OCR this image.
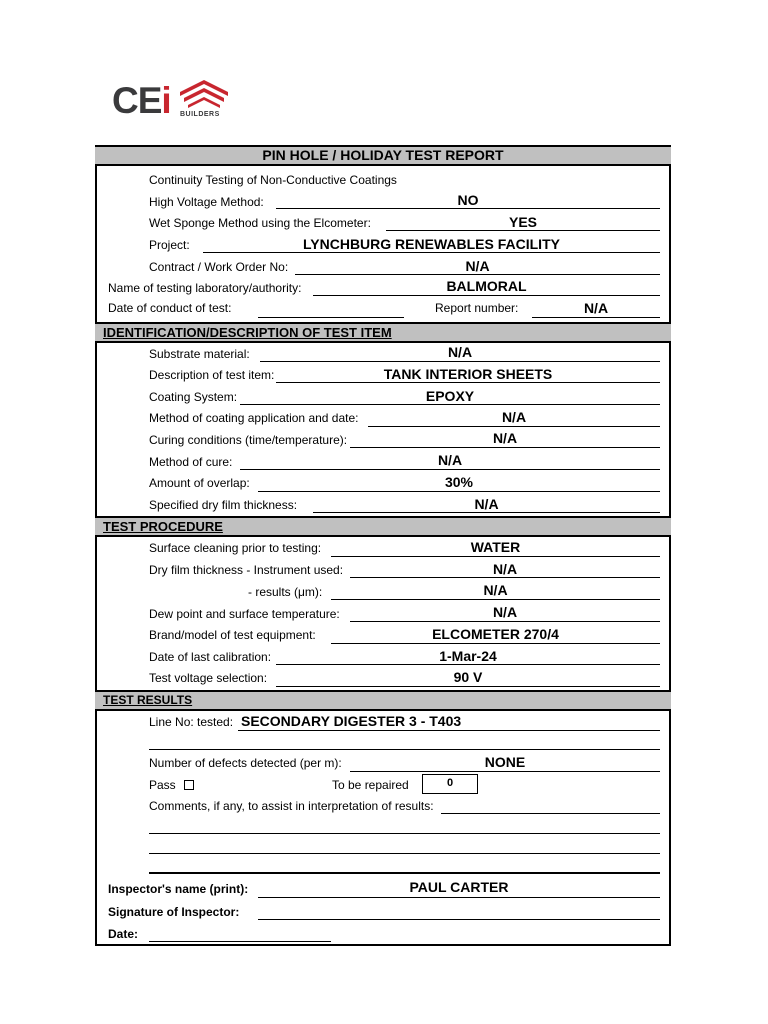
CEi BUILDERS
PIN HOLE / HOLIDAY TEST REPORT
Continuity Testing of Non-Conductive Coatings
High Voltage Method:	NO
Wet Sponge Method using the Elcometer:	YES
Project:	LYNCHBURG RENEWABLES FACILITY
Contract / Work Order No:	N/A
Name of testing laboratory/authority:	BALMORAL
Date of conduct of test:	Report number:	N/A
IDENTIFICATION/DESCRIPTION OF TEST ITEM
Substrate material:	N/A
Description of test item:	TANK INTERIOR SHEETS
Coating System:	EPOXY
Method of coating application and date:	N/A
Curing conditions (time/temperature):	N/A
Method of cure:	N/A
Amount of overlap:	30%
Specified dry film thickness:	N/A
TEST PROCEDURE
Surface cleaning prior to testing:	WATER
Dry film thickness - Instrument used:	N/A
- results (μm):	N/A
Dew point and surface temperature:	N/A
Brand/model of test equipment:	ELCOMETER 270/4
Date of last calibration:	1-Mar-24
Test voltage selection:	90 V
TEST RESULTS
Line No: tested: SECONDARY DIGESTER 3 - T403
Number of defects detected (per m):	NONE
Pass	To be repaired	0
Comments, if any, to assist in interpretation of results:
Inspector's name (print):	PAUL CARTER
Signature of Inspector:
Date:
